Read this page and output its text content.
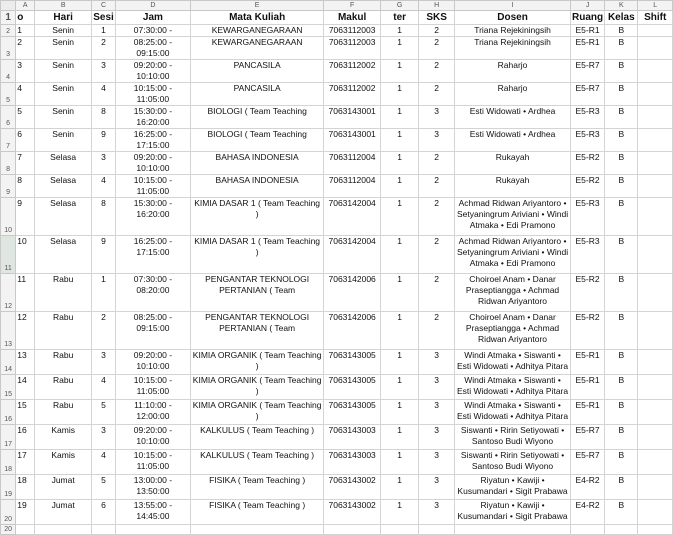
	A	B	C	D	E	F	G	H	I	J	K	L
1	o	Hari	Sesi	Jam	Mata Kuliah	Makul	ter	SKS	Dosen	Ruang	Kelas	Shift
2	1	Senin	1	07:30:00 -	KEWARGANEGARAAN	7063112003	1	2	Triana Rejekiningsih	E5-R1	B	
3	2	Senin	2	08:25:00 - 09:15:00	KEWARGANEGARAAN	7063112003	1	2	Triana Rejekiningsih	E5-R1	B	
4	3	Senin	3	09:20:00 - 10:10:00	PANCASILA	7063112002	1	2	Raharjo	E5-R7	B	
5	4	Senin	4	10:15:00 - 11:05:00	PANCASILA	7063112002	1	2	Raharjo	E5-R7	B	
6	5	Senin	8	15:30:00 - 16:20:00	BIOLOGI ( Team Teaching	7063143001	1	3	Esti Widowati • Ardhea	E5-R3	B	
7	6	Senin	9	16:25:00 - 17:15:00	BIOLOGI ( Team Teaching	7063143001	1	3	Esti Widowati • Ardhea	E5-R3	B	
8	7	Selasa	3	09:20:00 - 10:10:00	BAHASA INDONESIA	7063112004	1	2	Rukayah	E5-R2	B	
9	8	Selasa	4	10:15:00 - 11:05:00	BAHASA INDONESIA	7063112004	1	2	Rukayah	E5-R2	B	
10	9	Selasa	8	15:30:00 - 16:20:00	KIMIA DASAR 1 ( Team Teaching )	7063142004	1	2	Achmad Ridwan Ariyantoro • Setyaningrum Ariviani • Windi Atmaka • Edi Pramono	E5-R3	B	
11	10	Selasa	9	16:25:00 - 17:15:00	KIMIA DASAR 1 ( Team Teaching )	7063142004	1	2	Achmad Ridwan Ariyantoro • Setyaningrum Ariviani • Windi Atmaka • Edi Pramono	E5-R3	B	
12	11	Rabu	1	07:30:00 - 08:20:00	PENGANTAR TEKNOLOGI PERTANIAN ( Team	7063142006	1	2	Choiroel Anam • Danar Praseptiangga • Achmad Ridwan Ariyantoro	E5-R2	B	
13	12	Rabu	2	08:25:00 - 09:15:00	PENGANTAR TEKNOLOGI PERTANIAN ( Team	7063142006	1	2	Choiroel Anam • Danar Praseptiangga • Achmad Ridwan Ariyantoro	E5-R2	B	
14	13	Rabu	3	09:20:00 - 10:10:00	KIMIA ORGANIK ( Team Teaching )	7063143005	1	3	Windi Atmaka • Siswanti • Esti Widowati • Adhitya Pitara	E5-R1	B	
15	14	Rabu	4	10:15:00 - 11:05:00	KIMIA ORGANIK ( Team Teaching )	7063143005	1	3	Windi Atmaka • Siswanti • Esti Widowati • Adhitya Pitara	E5-R1	B	
16	15	Rabu	5	11:10:00 - 12:00:00	KIMIA ORGANIK ( Team Teaching )	7063143005	1	3	Windi Atmaka • Siswanti • Esti Widowati • Adhitya Pitara	E5-R1	B	
17	16	Kamis	3	09:20:00 - 10:10:00	KALKULUS ( Team Teaching )	7063143003	1	3	Siswanti • Ririn Setiyowati • Santoso Budi Wiyono	E5-R7	B	
18	17	Kamis	4	10:15:00 - 11:05:00	KALKULUS ( Team Teaching )	7063143003	1	3	Siswanti • Ririn Setiyowati • Santoso Budi Wiyono	E5-R7	B	
19	18	Jumat	5	13:00:00 - 13:50:00	FISIKA ( Team Teaching )	7063143002	1	3	Riyatun • Kawiji • Kusumandari • Sigit Prabawa	E4-R2	B	
20	19	Jumat	6	13:55:00 - 14:45:00	FISIKA ( Team Teaching )	7063143002	1	3	Riyatun • Kawiji • Kusumandari • Sigit Prabawa	E4-R2	B	
20												
